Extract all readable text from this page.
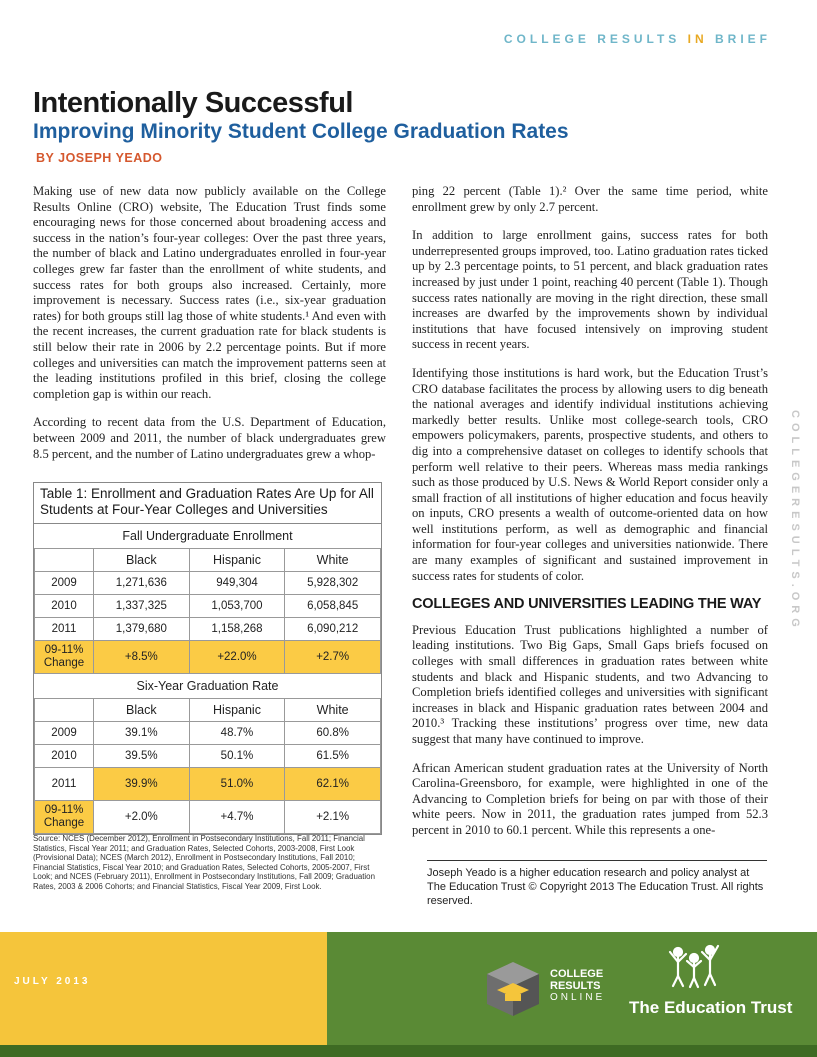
COLLEGE RESULTS IN BRIEF
Intentionally Successful
Improving Minority Student College Graduation Rates
BY JOSEPH YEADO

Making use of new data now publicly available on the College Results Online (CRO) website, The Education Trust finds some encouraging news for those concerned about broadening access and success in the nation’s four-year colleges: Over the past three years, the number of black and Latino undergraduates enrolled in four-year colleges grew far faster than the enrollment of white students, and success rates for both groups also increased. Certainly, more improvement is necessary. Success rates (i.e., six-year graduation rates) for both groups still lag those of white students.¹ And even with the recent increases, the current graduation rate for black students is still below their rate in 2006 by 2.2 percentage points. But if more colleges and universities can match the improvement patterns seen at the leading institutions profiled in this brief, closing the college completion gap is within our reach.

According to recent data from the U.S. Department of Education, between 2009 and 2011, the number of black undergraduates grew 8.5 percent, and the number of Latino undergraduates grew a whop-

ping 22 percent (Table 1).² Over the same time period, white enrollment grew by only 2.7 percent.

In addition to large enrollment gains, success rates for both underrepresented groups improved, too. Latino graduation rates ticked up by 2.3 percentage points, to 51 percent, and black graduation rates increased by just under 1 point, reaching 40 percent (Table 1). Though success rates nationally are moving in the right direction, these small increases are dwarfed by the improvements shown by individual institutions that have focused intensively on improving student success in recent years.

Identifying those institutions is hard work, but the Education Trust’s CRO database facilitates the process by allowing users to dig beneath the national averages and identify individual institutions achieving markedly better results. Unlike most college-search tools, CRO empowers policymakers, parents, prospective students, and others to dig into a comprehensive dataset on colleges to identify schools that perform well relative to their peers. Whereas mass media rankings such as those produced by U.S. News & World Report consider only a small fraction of all institutions of higher education and focus heavily on inputs, CRO presents a wealth of outcome-oriented data on how well institutions perform, as well as demographic and financial information for four-year colleges and universities nationwide. There are many examples of significant and sustained improvement in success rates for students of color.

COLLEGES AND UNIVERSITIES LEADING THE WAY

Previous Education Trust publications highlighted a number of leading institutions. Two Big Gaps, Small Gaps briefs focused on colleges with small differences in graduation rates between white students and black and Hispanic students, and two Advancing to Completion briefs identified colleges and universities with significant increases in black and Hispanic graduation rates between 2004 and 2010.³ Tracking these institutions’ progress over time, new data suggest that many have continued to improve.

African American student graduation rates at the University of North Carolina-Greensboro, for example, were highlighted in one of the Advancing to Completion briefs for being on par with those of their white peers. Now in 2011, the graduation rates jumped from 52.3 percent in 2010 to 60.1 percent. While this represents a one-

COLLEGERESULTS.ORG
Table 1: Enrollment and Graduation Rates Are Up for All Students at Four-Year Colleges and Universities
Fall Undergraduate Enrollment			
	Black	Hispanic	White
2009	1,271,636	949,304	5,928,302
2010	1,337,325	1,053,700	6,058,845
2011	1,379,680	1,158,268	6,090,212
09-11% Change	+8.5%	+22.0%	+2.7%
Six-Year Graduation Rate			
	Black	Hispanic	White
2009	39.1%	48.7%	60.8%
2010	39.5%	50.1%	61.5%
2011	39.9%	51.0%	62.1%
09-11% Change	+2.0%	+4.7%	+2.1%
Source: NCES (December 2012), Enrollment in Postsecondary Institutions, Fall 2011; Financial Statistics, Fiscal Year 2011; and Graduation Rates, Selected Cohorts, 2003-2008, First Look (Provisional Data); NCES (March 2012), Enrollment in Postsecondary Institutions, Fall 2010; Financial Statistics, Fiscal Year 2010; and Graduation Rates, Selected Cohorts, 2005-2007, First Look; and NCES (February 2011), Enrollment in Postsecondary Institutions, Fall 2009; Graduation Rates, 2003 & 2006 Cohorts; and Financial Statistics, Fiscal Year 2009, First Look.
Joseph Yeado is a higher education research and policy analyst at The Education Trust © Copyright 2013 The Education Trust. All rights reserved.
JULY 2013
COLLEGE
RESULTS
ONLINE
The Education Trust
